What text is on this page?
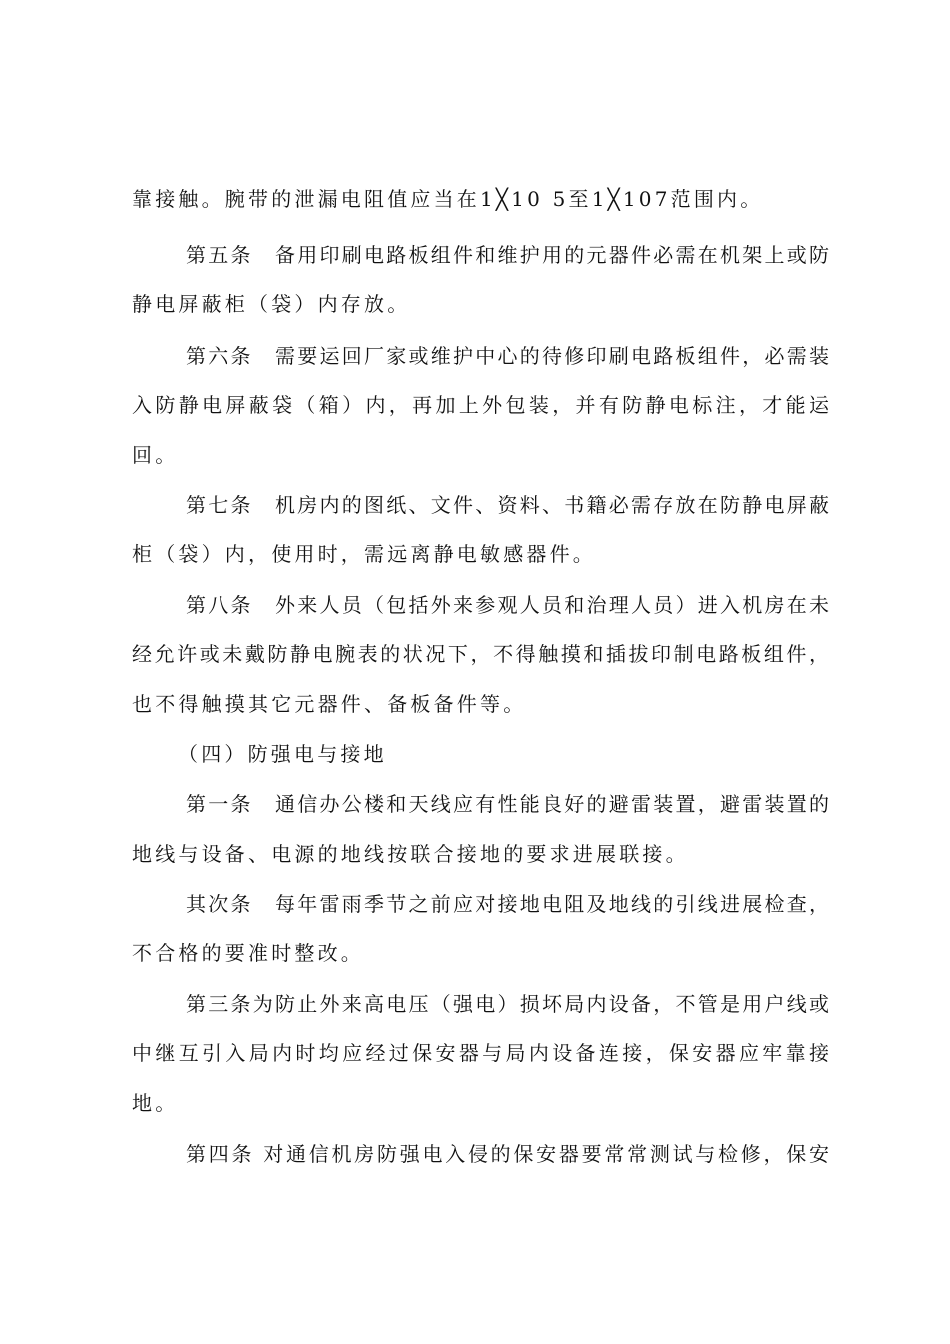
靠接触。腕带的泄漏电阻值应当在1╳10 5至1╳107范围内。
第五条　备用印刷电路板组件和维护用的元器件必需在机架上或防
静电屏蔽柜（袋）内存放。
第六条　需要运回厂家或维护中心的待修印刷电路板组件，必需装
入防静电屏蔽袋（箱）内，再加上外包装，并有防静电标注，才能运
回。
第七条　机房内的图纸、文件、资料、书籍必需存放在防静电屏蔽
柜（袋）内，使用时，需远离静电敏感器件。
第八条　外来人员（包括外来参观人员和治理人员）进入机房在未
经允许或未戴防静电腕表的状况下，不得触摸和插拔印制电路板组件，
也不得触摸其它元器件、备板备件等。
（四）防强电与接地
第一条　通信办公楼和天线应有性能良好的避雷装置，避雷装置的
地线与设备、电源的地线按联合接地的要求进展联接。
其次条　每年雷雨季节之前应对接地电阻及地线的引线进展检查，
不合格的要准时整改。
第三条为防止外来高电压（强电）损坏局内设备，不管是用户线或
中继互引入局内时均应经过保安器与局内设备连接，保安器应牢靠接
地。
第四条 对通信机房防强电入侵的保安器要常常测试与检修，保安
